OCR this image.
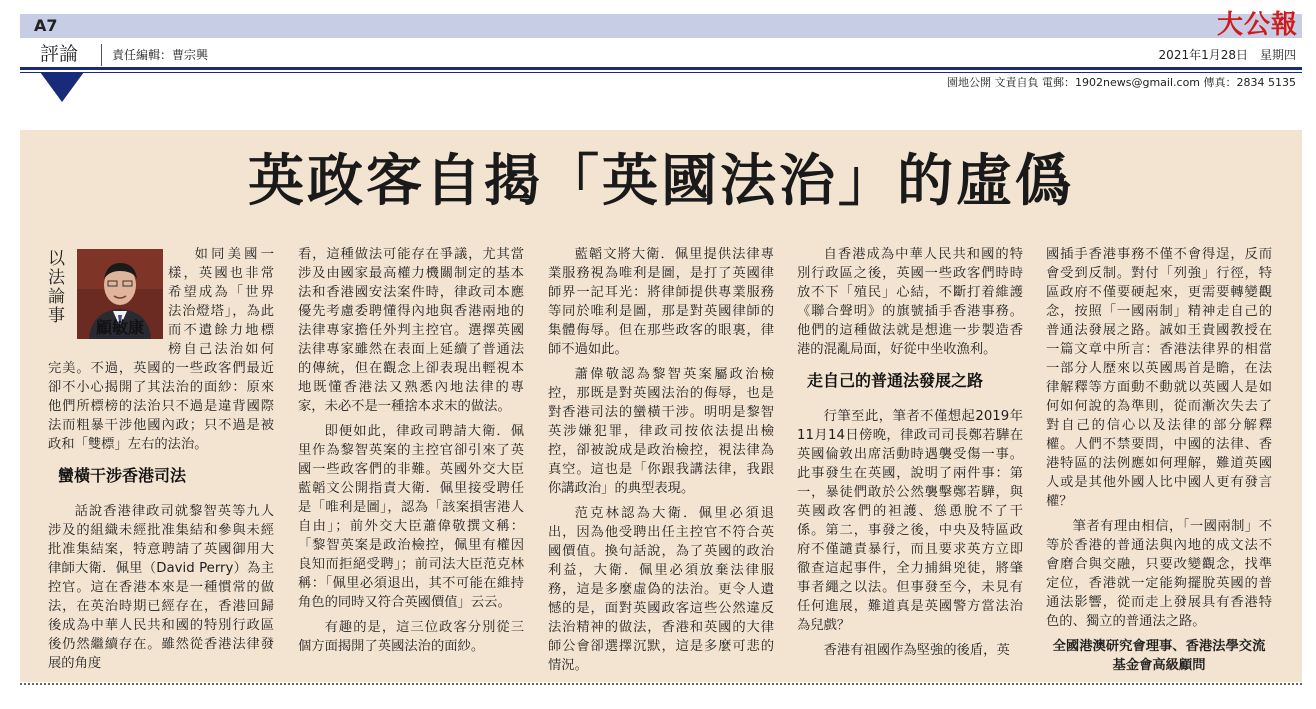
A7	大公報
評論	責任編輯：曹宗興	2021年1月28日　星期四
園地公開 文責自負 電郵：1902news@gmail.com 傳真：2834 5135
英政客自揭「英國法治」的虛僞
以法論事
顧敏康

如同美國一樣，英國也非常希望成為「世界法治燈塔」，為此而不遺餘力地標榜自己法治如何完美。不過，英國的一些政客們最近卻不小心揭開了其法治的面紗：原來他們所標榜的法治只不過是違背國際法而粗暴干涉他國內政；只不過是被政和「雙標」左右的法治。

蠻橫干涉香港司法

話說香港律政司就黎智英等九人涉及的組織未經批准集結和參與未經批准集結案，特意聘請了英國御用大律師大衛．佩里（David Perry）為主控官。這在香港本來是一種慣常的做法，在英治時期已經存在，香港回歸後成為中華人民共和國的特別行政區後仍然繼續存在。雖然從香港法律發展的角度

看，這種做法可能存在爭議，尤其當涉及由國家最高權力機關制定的基本法和香港國安法案件時，律政司本應優先考慮委聘懂得內地與香港兩地的法律專家擔任外判主控官。選擇英國法律專家雖然在表面上延續了普通法的傳統，但在觀念上卻表現出輕視本地既懂香港法又熟悉內地法律的專家，未必不是一種捨本求末的做法。

即便如此，律政司聘請大衛．佩里作為黎智英案的主控官卻引來了英國一些政客們的非難。英國外交大臣藍韜文公開指責大衛．佩里接受聘任是「唯利是圖」，認為「該案損害港人自由」；前外交大臣蕭偉敬撰文稱：「黎智英案是政治檢控，佩里有權因良知而拒絕受聘」；前司法大臣范克林稱：「佩里必須退出，其不可能在維持角色的同時又符合英國價值」云云。

有趣的是，這三位政客分別從三個方面揭開了英國法治的面紗。

藍韜文將大衛．佩里提供法律專業服務視為唯利是圖，是打了英國律師界一記耳光：將律師提供專業服務等同於唯利是圖，那是對英國律師的集體侮辱。但在那些政客的眼裏，律師不過如此。

蕭偉敬認為黎智英案屬政治檢控，那既是對英國法治的侮辱，也是對香港司法的蠻橫干涉。明明是黎智英涉嫌犯罪，律政司按依法提出檢控，卻被說成是政治檢控，視法律為真空。這也是「你跟我講法律，我跟你講政治」的典型表現。

范克林認為大衛．佩里必須退出，因為他受聘出任主控官不符合英國價值。換句話說，為了英國的政治利益，大衛．佩里必須放棄法律服務，這是多麼虛偽的法治。更令人遺憾的是，面對英國政客這些公然違反法治精神的做法，香港和英國的大律師公會卻選擇沉默，這是多麼可悲的情況。

自香港成為中華人民共和國的特別行政區之後，英國一些政客們時時放不下「殖民」心結，不斷打着維護《聯合聲明》的旗號插手香港事務。他們的這種做法就是想進一步製造香港的混亂局面，好從中坐收漁利。

走自己的普通法發展之路

行筆至此，筆者不僅想起2019年11月14日傍晚，律政司司長鄭若驊在英國倫敦出席活動時遇襲受傷一事。此事發生在英國，說明了兩件事：第一，暴徒們敢於公然襲擊鄭若驊，與英國政客們的袒護、慫恿脫不了干係。第二，事發之後，中央及特區政府不僅譴責暴行，而且要求英方立即徹查這起事件，全力捕緝兇徒，將肇事者繩之以法。但事發至今，未見有任何進展，難道真是英國警方當法治為兒戲？

香港有祖國作為堅強的後盾，英

國插手香港事務不僅不會得逞，反而會受到反制。對付「列強」行徑，特區政府不僅要硬起來，更需要轉變觀念，按照「一國兩制」精神走自己的普通法發展之路。誠如王貴國教授在一篇文章中所言：香港法律界的相當一部分人歷來以英國馬首是瞻，在法律解釋等方面動不動就以英國人是如何如何說的為準則，從而漸次失去了對自己的信心以及法律的部分解釋權。人們不禁要問，中國的法律、香港特區的法例應如何理解，難道英國人或是其他外國人比中國人更有發言權？

筆者有理由相信，「一國兩制」不等於香港的普通法與內地的成文法不會磨合與交融，只要改變觀念，找準定位，香港就一定能夠擺脫英國的普通法影響，從而走上發展具有香港特色的、獨立的普通法之路。

全國港澳研究會理事、香港法學交流基金會高級顧問
